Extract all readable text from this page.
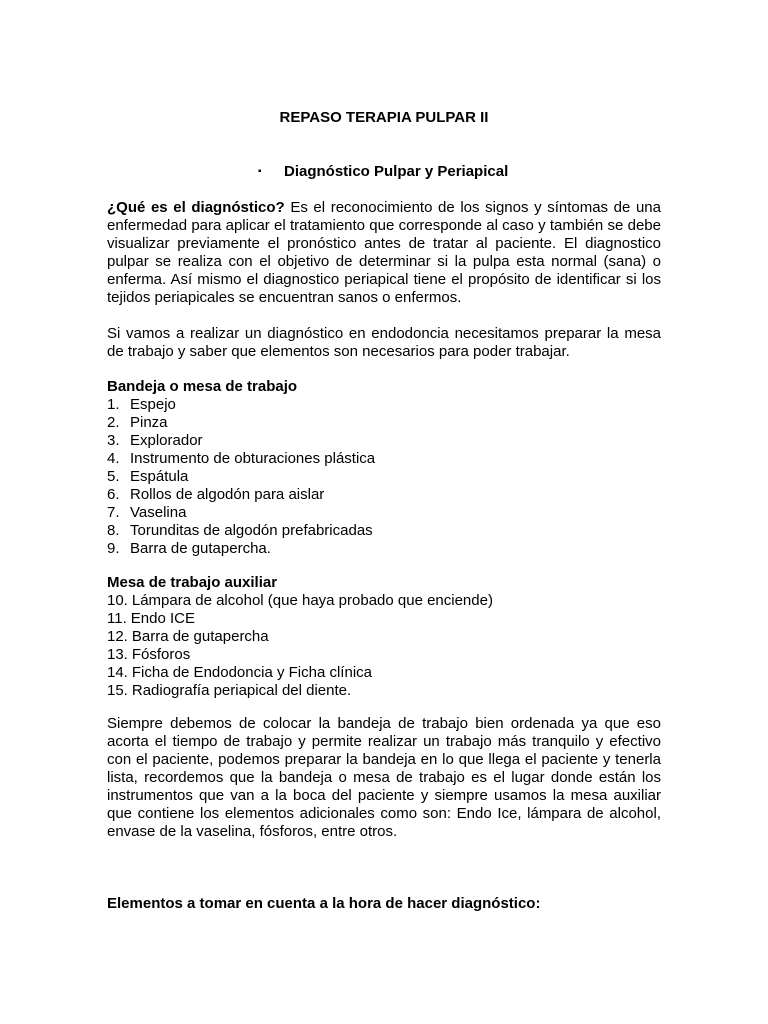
REPASO TERAPIA PULPAR II
▪ Diagnóstico Pulpar y Periapical
¿Qué es el diagnóstico? Es el reconocimiento de los signos y síntomas de una enfermedad para aplicar el tratamiento que corresponde al caso y también se debe visualizar previamente el pronóstico antes de tratar al paciente. El diagnostico pulpar se realiza con el objetivo de determinar si la pulpa esta normal (sana) o enferma. Así mismo el diagnostico periapical tiene el propósito de identificar si los tejidos periapicales se encuentran sanos o enfermos.
Si vamos a realizar un diagnóstico en endodoncia necesitamos preparar la mesa de trabajo y saber que elementos son necesarios para poder trabajar.
Bandeja o mesa de trabajo
1. Espejo
2. Pinza
3. Explorador
4. Instrumento de obturaciones plástica
5. Espátula
6. Rollos de algodón para aislar
7. Vaselina
8. Torunditas de algodón prefabricadas
9. Barra de gutapercha.
Mesa de trabajo auxiliar
10. Lámpara de alcohol (que haya probado que enciende)
11. Endo ICE
12. Barra de gutapercha
13. Fósforos
14. Ficha de Endodoncia y Ficha clínica
15. Radiografía periapical del diente.
Siempre debemos de colocar la bandeja de trabajo bien ordenada ya que eso acorta el tiempo de trabajo y permite realizar un trabajo más tranquilo y efectivo con el paciente, podemos preparar la bandeja en lo que llega el paciente y tenerla lista, recordemos que la bandeja o mesa de trabajo es el lugar donde están los instrumentos que van a la boca del paciente y siempre usamos la mesa auxiliar que contiene los elementos adicionales como son: Endo Ice, lámpara de alcohol, envase de la vaselina, fósforos, entre otros.
Elementos a tomar en cuenta a la hora de hacer diagnóstico:
